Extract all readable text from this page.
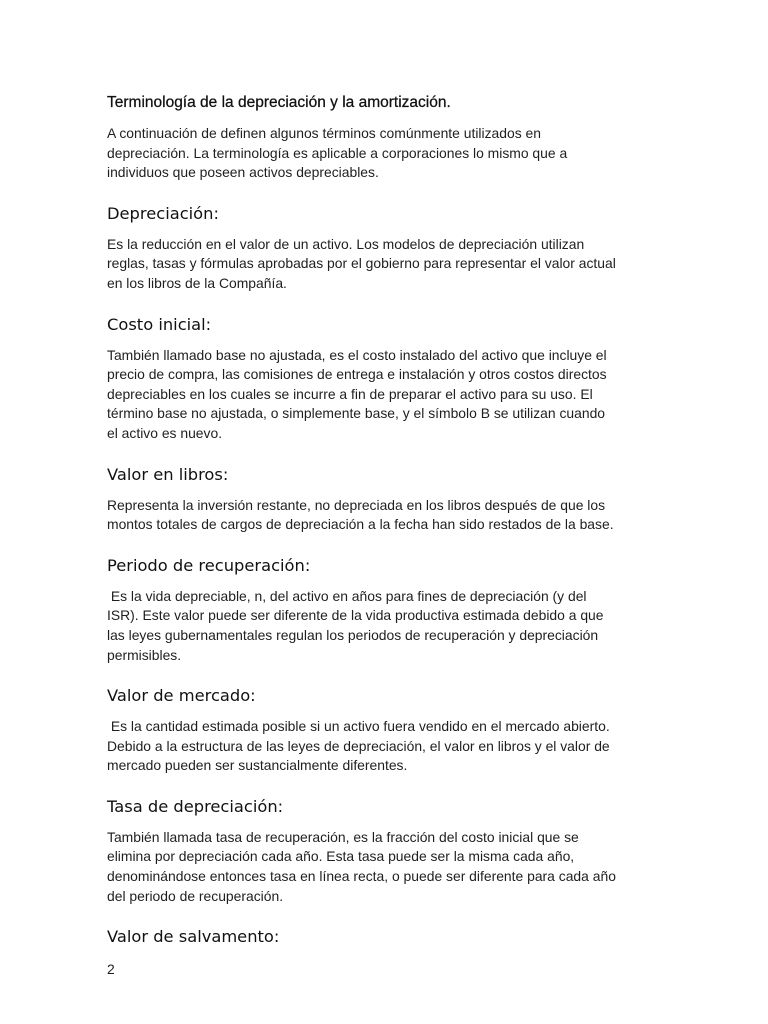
Terminología de la depreciación y la amortización.

A continuación de definen algunos términos comúnmente utilizados en
depreciación. La terminología es aplicable a corporaciones lo mismo que a
individuos que poseen activos depreciables.

Depreciación:

Es la reducción en el valor de un activo. Los modelos de depreciación utilizan
reglas, tasas y fórmulas aprobadas por el gobierno para representar el valor actual
en los libros de la Compañía.

Costo inicial:

También llamado base no ajustada, es el costo instalado del activo que incluye el
precio de compra, las comisiones de entrega e instalación y otros costos directos
depreciables en los cuales se incurre a fin de preparar el activo para su uso. El
término base no ajustada, o simplemente base, y el símbolo B se utilizan cuando
el activo es nuevo.

Valor en libros:

Representa la inversión restante, no depreciada en los libros después de que los
montos totales de cargos de depreciación a la fecha han sido restados de la base.

Periodo de recuperación:

Es la vida depreciable, n, del activo en años para fines de depreciación (y del
ISR). Este valor puede ser diferente de la vida productiva estimada debido a que
las leyes gubernamentales regulan los periodos de recuperación y depreciación
permisibles.

Valor de mercado:

Es la cantidad estimada posible si un activo fuera vendido en el mercado abierto.
Debido a la estructura de las leyes de depreciación, el valor en libros y el valor de
mercado pueden ser sustancialmente diferentes.

Tasa de depreciación:

También llamada tasa de recuperación, es la fracción del costo inicial que se
elimina por depreciación cada año. Esta tasa puede ser la misma cada año,
denominándose entonces tasa en línea recta, o puede ser diferente para cada año
del periodo de recuperación.

Valor de salvamento:
2
